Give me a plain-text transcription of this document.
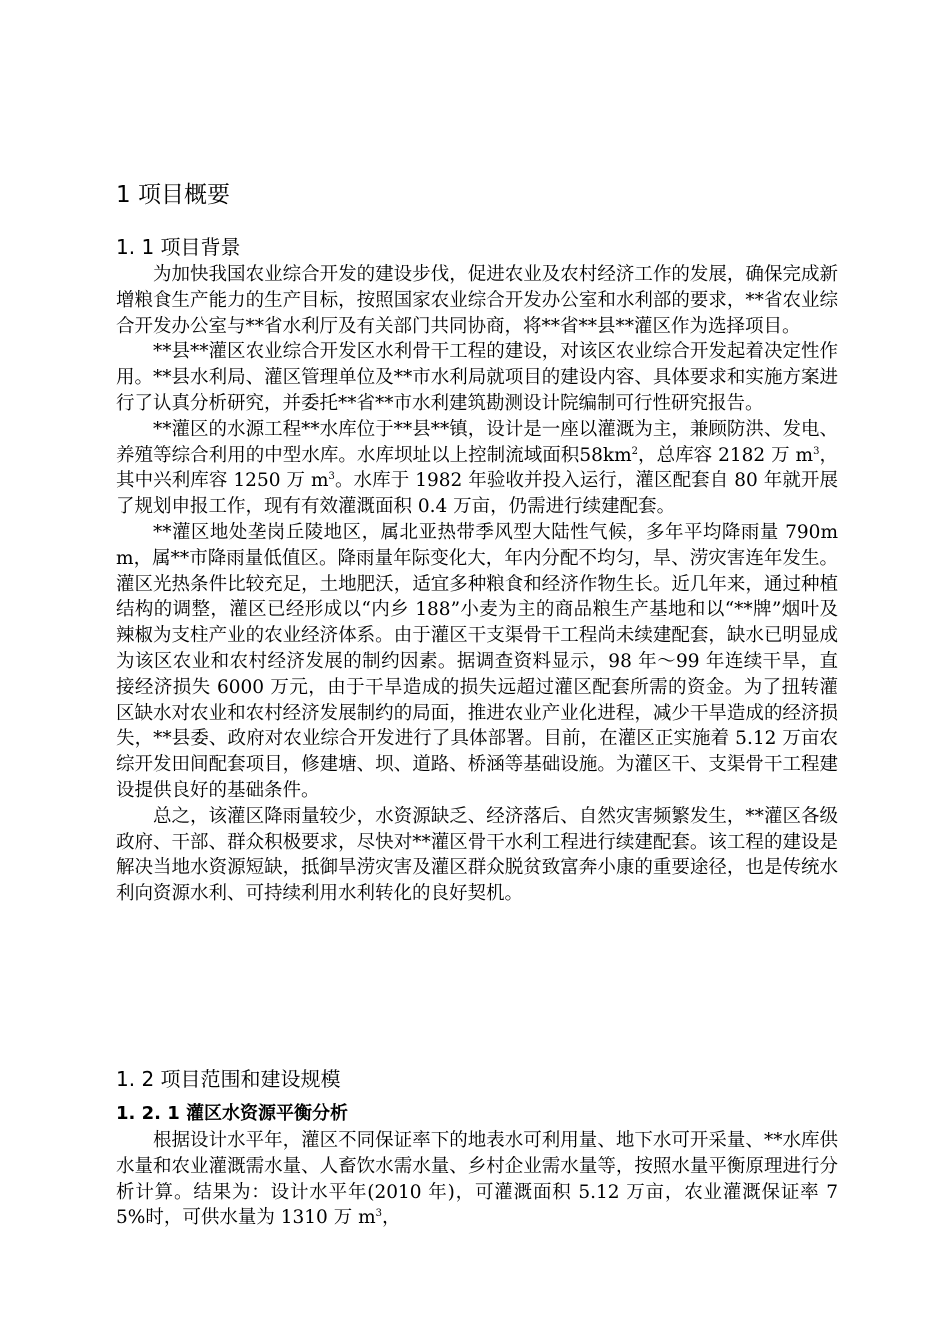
1 项目概要
1. 1 项目背景

为加快我国农业综合开发的建设步伐，促进农业及农村经济工作的发展，确保完成新增粮食生产能力的生产目标，按照国家农业综合开发办公室和水利部的要求，**省农业综合开发办公室与**省水利厅及有关部门共同协商，将**省**县**灌区作为选择项目。

**县**灌区农业综合开发区水利骨干工程的建设，对该区农业综合开发起着决定性作用。**县水利局、灌区管理单位及**市水利局就项目的建设内容、具体要求和实施方案进行了认真分析研究，并委托**省**市水利建筑勘测设计院编制可行性研究报告。

**灌区的水源工程**水库位于**县**镇，设计是一座以灌溉为主，兼顾防洪、发电、养殖等综合利用的中型水库。水库坝址以上控制流域面积$58km^2$，总库容 2182 万 $m^3$，其中兴利库容 1250 万 $m^3$。水库于 1982 年验收并投入运行，灌区配套自 80 年就开展了规划申报工作，现有有效灌溉面积 0.4 万亩，仍需进行续建配套。

**灌区地处垄岗丘陵地区，属北亚热带季风型大陆性气候，多年平均降雨量 790mm，属**市降雨量低值区。降雨量年际变化大，年内分配不均匀，旱、涝灾害连年发生。灌区光热条件比较充足，土地肥沃，适宜多种粮食和经济作物生长。近几年来，通过种植结构的调整，灌区已经形成以“内乡 188”小麦为主的商品粮生产基地和以“**牌”烟叶及辣椒为支柱产业的农业经济体系。由于灌区干支渠骨干工程尚未续建配套，缺水已明显成为该区农业和农村经济发展的制约因素。据调查资料显示，98 年～99 年连续干旱，直接经济损失 6000 万元，由于干旱造成的损失远超过灌区配套所需的资金。为了扭转灌区缺水对农业和农村经济发展制约的局面，推进农业产业化进程，减少干旱造成的经济损失，**县委、政府对农业综合开发进行了具体部署。目前，在灌区正实施着 5.12 万亩农综开发田间配套项目，修建塘、坝、道路、桥涵等基础设施。为灌区干、支渠骨干工程建设提供良好的基础条件。

总之，该灌区降雨量较少，水资源缺乏、经济落后、自然灾害频繁发生，**灌区各级政府、干部、群众积极要求，尽快对**灌区骨干水利工程进行续建配套。该工程的建设是解决当地水资源短缺，抵御旱涝灾害及灌区群众脱贫致富奔小康的重要途径，也是传统水利向资源水利、可持续利用水利转化的良好契机。

1. 2 项目范围和建设规模
1. 2. 1 灌区水资源平衡分析

根据设计水平年，灌区不同保证率下的地表水可利用量、地下水可开采量、**水库供水量和农业灌溉需水量、人畜饮水需水量、乡村企业需水量等，按照水量平衡原理进行分析计算。结果为：设计水平年(2010 年)，可灌溉面积 5.12 万亩，农业灌溉保证率 75%时，可供水量为 1310 万 $m^3$，
